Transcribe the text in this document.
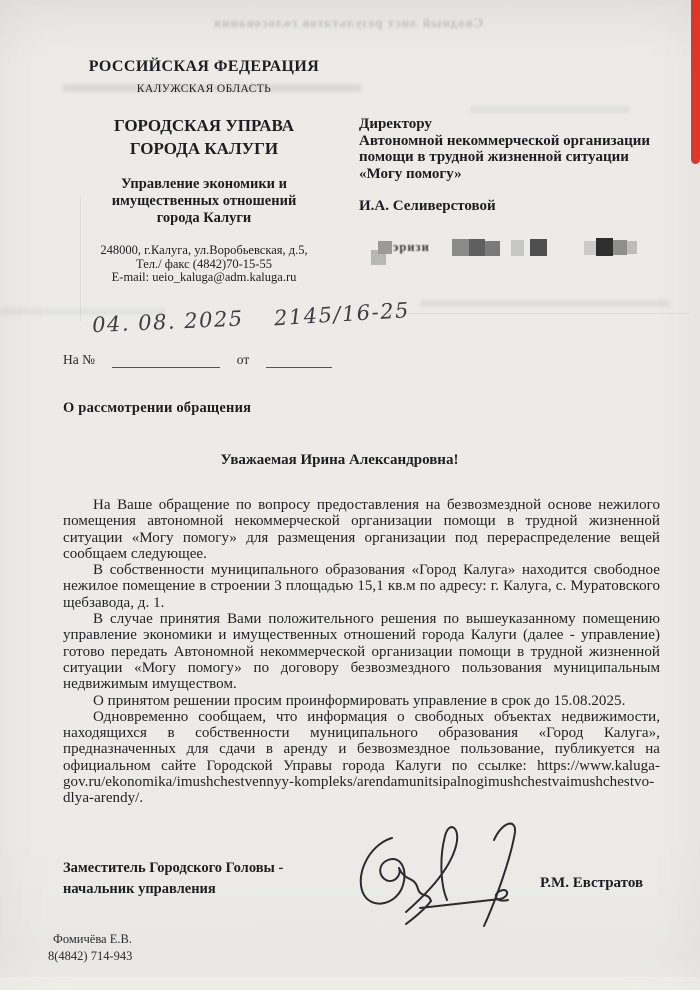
Сводный лист результатов голосования
РОССИЙСКАЯ ФЕДЕРАЦИЯ
КАЛУЖСКАЯ ОБЛАСТЬ
ГОРОДСКАЯ УПРАВА
ГОРОДА КАЛУГИ
Управление экономики и
имущественных отношений
города Калуги
248000, г.Калуга, ул.Воробьевская, д.5,
Тел./ факс (4842)70-15-55
E-mail: ueio_kaluga@adm.kaluga.ru
Директору
Автономной некоммерческой организации
помощи в трудной жизненной ситуации
«Могу помогу»
И.А. Селиверстовой
эризи
04. 08. 2025 2145/16-25
На №	от
О рассмотрении обращения
Уважаемая Ирина Александровна!

На Ваше обращение по вопросу предоставления на безвозмездной основе нежилого помещения автономной некоммерческой организации помощи в трудной жизненной ситуации «Могу помогу» для размещения организации под перераспределение вещей сообщаем следующее.

В собственности муниципального образования «Город Калуга» находится свободное нежилое помещение в строении 3 площадью 15,1 кв.м по адресу: г. Калуга, с. Муратовского щебзавода, д. 1.

В случае принятия Вами положительного решения по вышеуказанному помещению управление экономики и имущественных отношений города Калуги (далее - управление) готово передать Автономной некоммерческой организации помощи в трудной жизненной ситуации «Могу помогу» по договору безвозмездного пользования муниципальным недвижимым имуществом.

О принятом решении просим проинформировать управление в срок до 15.08.2025.

Одновременно сообщаем, что информация о свободных объектах недвижимости, находящихся в собственности муниципального образования «Город Калуга», предназначенных для сдачи в аренду и безвозмездное пользование, публикуется на официальном сайте Городской Управы города Калуги по ссылке: https://www.kaluga-gov.ru/ekonomika/imushchestvennyy-kompleks/arendamunitsipalnogimushchestvaimushchestvo-dlya-arendy/.

Заместитель Городского Головы -
начальник управления	Р.М. Евстратов
Фомичёва Е.В.
8(4842) 714-943
